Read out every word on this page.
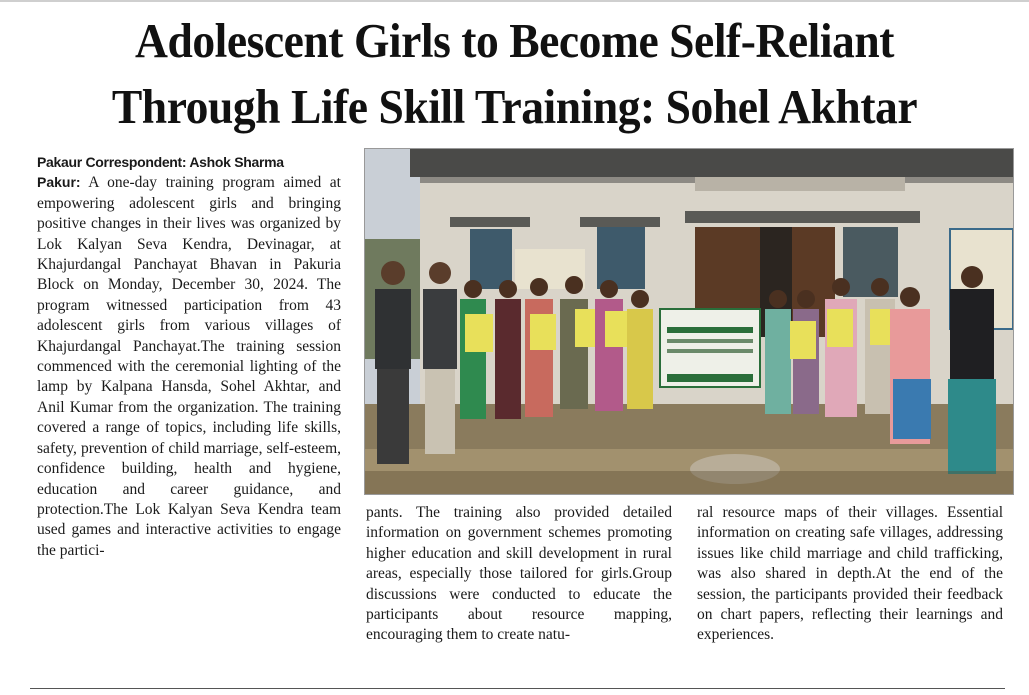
Adolescent Girls to Become Self-Reliant
Through Life Skill Training: Sohel Akhtar
Pakaur Correspondent: Ashok Sharma
Pakur: A one-day training program aimed at empowering adolescent girls and bringing positive changes in their lives was organized by Lok Kalyan Seva Kendra, Devinagar, at Khajurdangal Panchayat Bhavan in Pakuria Block on Monday, December 30, 2024. The program witnessed participation from 43 adolescent girls from various villages of Khajurdangal Panchayat.The training session commenced with the ceremonial lighting of the lamp by Kalpana Hansda, Sohel Akhtar, and Anil Kumar from the organization. The training covered a range of topics, including life skills, safety, prevention of child marriage, self-esteem, confidence building, health and hygiene, education and career guidance, and protection.The Lok Kalyan Seva Kendra team used games and interactive activities to engage the partici-
pants. The training also provided detailed information on government schemes promoting higher education and skill development in rural areas, especially those tailored for girls.Group discussions were conducted to educate the participants about resource mapping, encouraging them to create natu-
ral resource maps of their villages. Essential information on creating safe villages, addressing issues like child marriage and child trafficking, was also shared in depth.At the end of the session, the participants provided their feedback on chart papers, reflecting their learnings and experiences.
